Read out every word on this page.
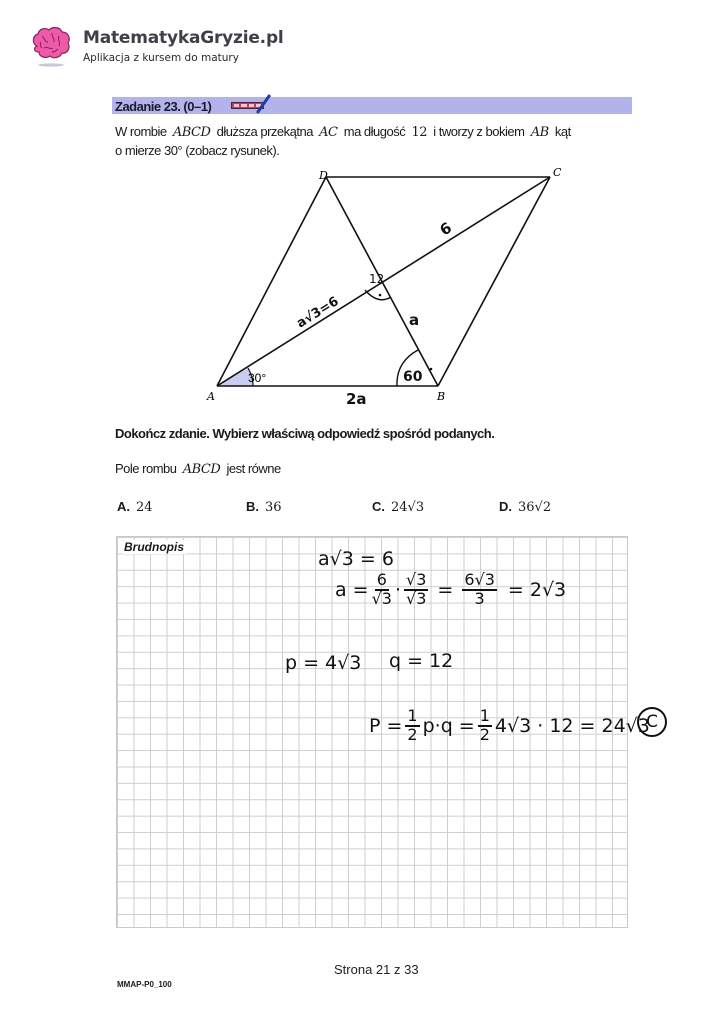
MatematykaGryzie.pl
Aplikacja z kursem do matury
Zadanie 23. (0–1)
W rombie ABCD dłuższa przekątna AC ma długość 12 i tworzy z bokiem AB kąt
o mierze 30° (zobacz rysunek).
D	C
A	B
30°
6
a√3=6
12
a
60
2a
Dokończ zdanie. Wybierz właściwą odpowiedź spośród podanych.
Pole rombu ABCD jest równe
A. 24	B. 36	C. 24√3	D. 36√2
Brudnopis
a√3 = 6
$a = \frac{6}{√3} \cdot \frac{√3}{√3} = \frac{6√3}{3} = 2√3$
p = 4√3 q = 12
$P = \frac{1}{2} p\cdot q = \frac{1}{2} 4√3 \cdot 12 = 24√3$
C
Strona 21 z 33
MMAP-P0_100
